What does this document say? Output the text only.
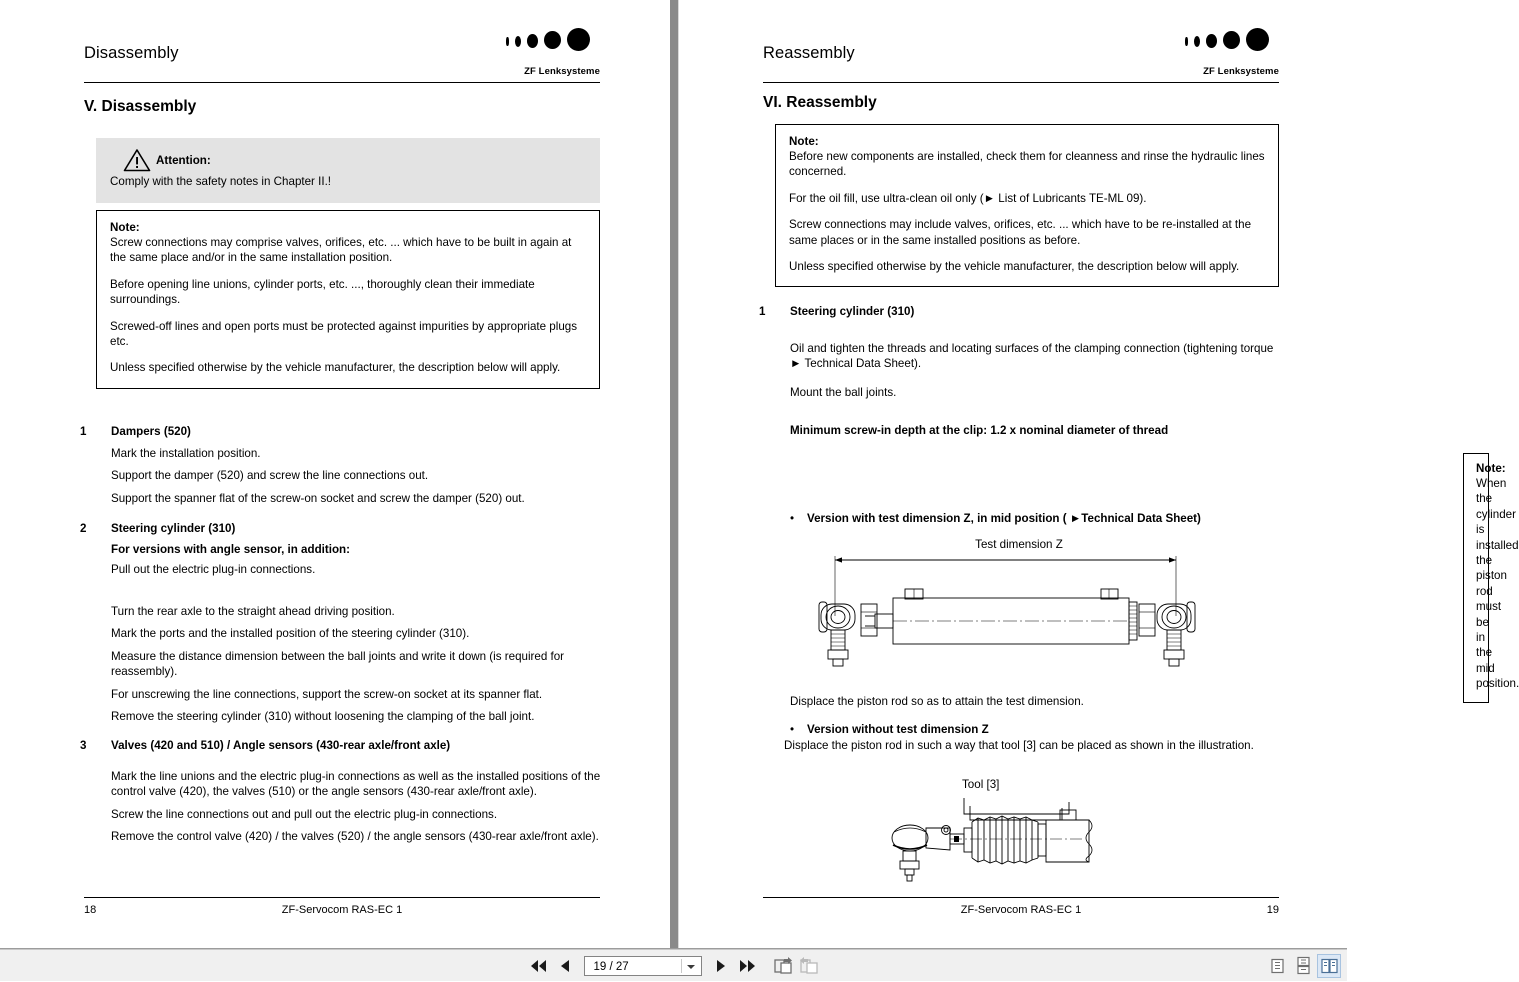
Disassembly
ZF Lenksysteme
V. Disassembly
Attention:
Comply with the safety notes in Chapter II.!
Note:

Screw connections may comprise valves, orifices, etc. ... which have to be built in again at the same place and/or in the same installation position.

Before opening line unions, cylinder ports, etc. ..., thoroughly clean their immediate surroundings.

Screwed-off lines and open ports must be protected against impurities by appropriate plugs etc.

Unless specified otherwise by the vehicle manufacturer, the description below will apply.

1 Dampers (520)
Mark the installation position.
Support the damper (520) and screw the line connections out.
Support the spanner flat of the screw-on socket and screw the damper (520) out.
2 Steering cylinder (310)
For versions with angle sensor, in addition:
Pull out the electric plug-in connections.
Turn the rear axle to the straight ahead driving position.
Mark the ports and the installed position of the steering cylinder (310).
Measure the distance dimension between the ball joints and write it down (is required for reassembly).
For unscrewing the line connections, support the screw-on socket at its spanner flat.
Remove the steering cylinder (310) without loosening the clamping of the ball joint.
3 Valves (420 and 510) / Angle sensors (430-rear axle/front axle)
Mark the line unions and the electric plug-in connections as well as the installed positions of the control valve (420), the valves (510) or the angle sensors (430-rear axle/front axle).
Screw the line connections out and pull out the electric plug-in connections.
Remove the control valve (420) / the valves (520) / the angle sensors (430-rear axle/front axle).
18	ZF-Servocom RAS-EC 1
Reassembly
ZF Lenksysteme
VI. Reassembly
Note:

Before new components are installed, check them for cleanness and rinse the hydraulic lines concerned.

For the oil fill, use ultra-clean oil only (► List of Lubricants TE-ML 09).

Screw connections may include valves, orifices, etc. ... which have to be re-installed at the same places or in the same installed positions as before.

Unless specified otherwise by the vehicle manufacturer, the description below will apply.

1 Steering cylinder (310)
Oil and tighten the threads and locating surfaces of the clamping connection (tightening torque ► Technical Data Sheet).
Mount the ball joints.
Minimum screw-in depth at the clip: 1.2 x nominal diameter of thread
Note:

When the cylinder is installed the piston rod must be in the mid position.

• Version with test dimension Z, in mid position ( ►Technical Data Sheet)
Test dimension Z
Displace the piston rod so as to attain the test dimension.
• Version without test dimension Z
Displace the piston rod in such a way that tool [3] can be placed as shown in the illustration.
Tool [3]
ZF-Servocom RAS-EC 1	19
19 / 27
